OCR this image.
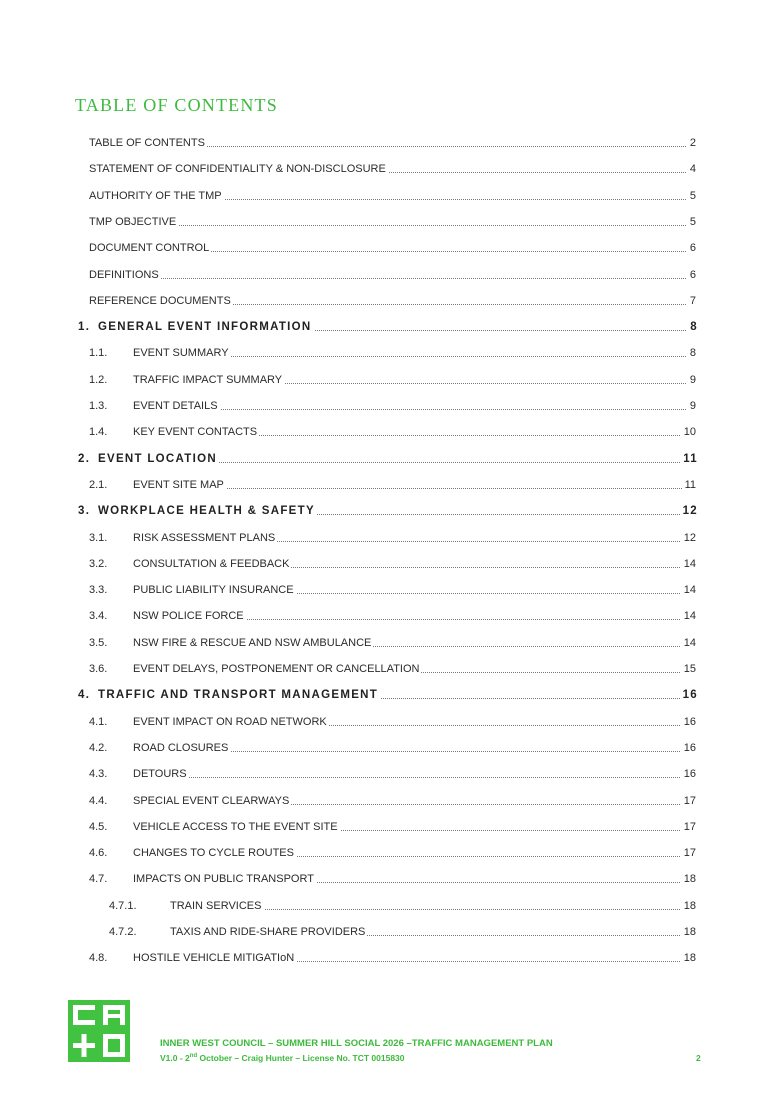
TABLE OF CONTENTS
TABLE OF CONTENTS	2
STATEMENT OF CONFIDENTIALITY & NON-DISCLOSURE	4
AUTHORITY OF THE TMP	5
TMP OBJECTIVE	5
DOCUMENT CONTROL	6
DEFINITIONS	6
REFERENCE DOCUMENTS	7
1. GENERAL EVENT INFORMATION	8
1.1. EVENT SUMMARY	8
1.2. TRAFFIC IMPACT SUMMARY	9
1.3. EVENT DETAILS	9
1.4. KEY EVENT CONTACTS	10
2. EVENT LOCATION	11
2.1. EVENT SITE MAP	11
3. WORKPLACE HEALTH & SAFETY	12
3.1. RISK ASSESSMENT PLANS	12
3.2. CONSULTATION & FEEDBACK	14
3.3. PUBLIC LIABILITY INSURANCE	14
3.4. NSW POLICE FORCE	14
3.5. NSW FIRE & RESCUE AND NSW AMBULANCE	14
3.6. EVENT DELAYS, POSTPONEMENT OR CANCELLATION	15
4. TRAFFIC AND TRANSPORT MANAGEMENT	16
4.1. EVENT IMPACT ON ROAD NETWORK	16
4.2. ROAD CLOSURES	16
4.3. DETOURS	16
4.4. SPECIAL EVENT CLEARWAYS	17
4.5. VEHICLE ACCESS TO THE EVENT SITE	17
4.6. CHANGES TO CYCLE ROUTES	17
4.7. IMPACTS ON PUBLIC TRANSPORT	18
4.7.1.	TRAIN SERVICES	18
4.7.2.	TAXIS AND RIDE-SHARE PROVIDERS	18
4.8. HOSTILE VEHICLE MITIGATIoN	18
INNER WEST COUNCIL – SUMMER HILL SOCIAL 2026 –TRAFFIC MANAGEMENT PLAN
V1.0 - 2nd October – Craig Hunter – License No. TCT 0015830	2
